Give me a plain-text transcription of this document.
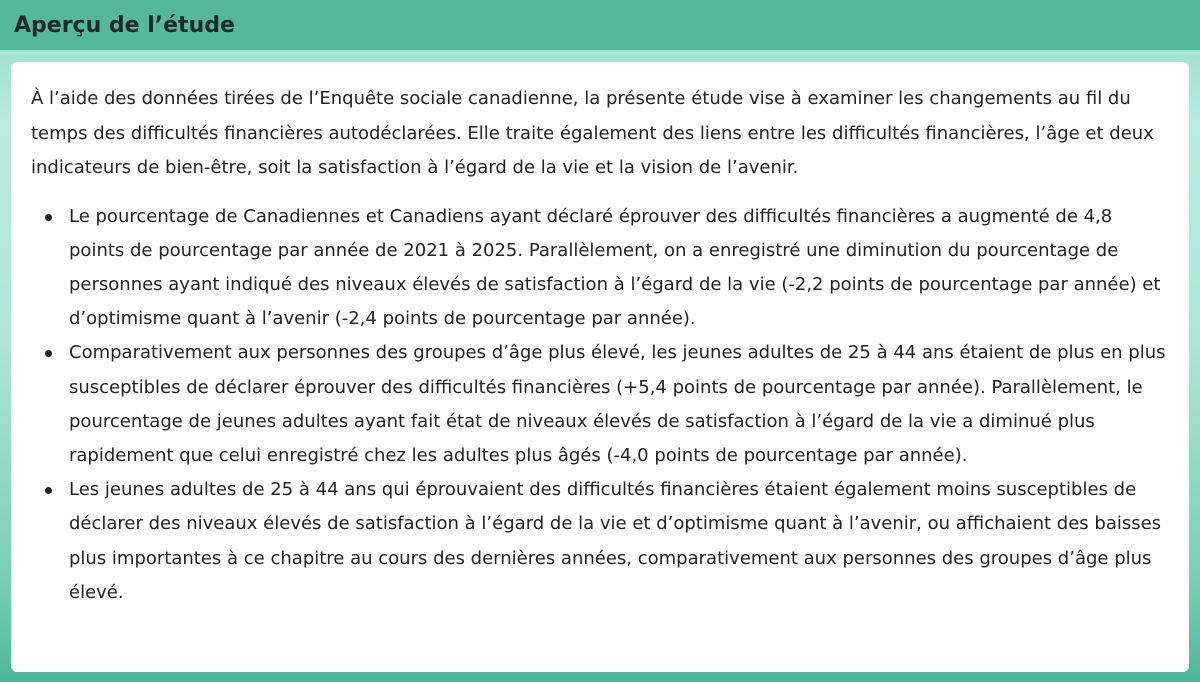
Aperçu de l’étude

À l’aide des données tirées de l’Enquête sociale canadienne, la présente étude vise à examiner les changements au fil du temps des difficultés financières autodéclarées. Elle traite également des liens entre les difficultés financières, l’âge et deux indicateurs de bien-être, soit la satisfaction à l’égard de la vie et la vision de l’avenir.

Le pourcentage de Canadiennes et Canadiens ayant déclaré éprouver des difficultés financières a augmenté de 4,8 points de pourcentage par année de 2021 à 2025. Parallèlement, on a enregistré une diminution du pourcentage de personnes ayant indiqué des niveaux élevés de satisfaction à l’égard de la vie (-2,2 points de pourcentage par année) et d’optimisme quant à l’avenir (-2,4 points de pourcentage par année).
Comparativement aux personnes des groupes d’âge plus élevé, les jeunes adultes de 25 à 44 ans étaient de plus en plus susceptibles de déclarer éprouver des difficultés financières (+5,4 points de pourcentage par année). Parallèlement, le pourcentage de jeunes adultes ayant fait état de niveaux élevés de satisfaction à l’égard de la vie a diminué plus rapidement que celui enregistré chez les adultes plus âgés (-4,0 points de pourcentage par année).
Les jeunes adultes de 25 à 44 ans qui éprouvaient des difficultés financières étaient également moins susceptibles de déclarer des niveaux élevés de satisfaction à l’égard de la vie et d’optimisme quant à l’avenir, ou affichaient des baisses plus importantes à ce chapitre au cours des dernières années, comparativement aux personnes des groupes d’âge plus élevé.
